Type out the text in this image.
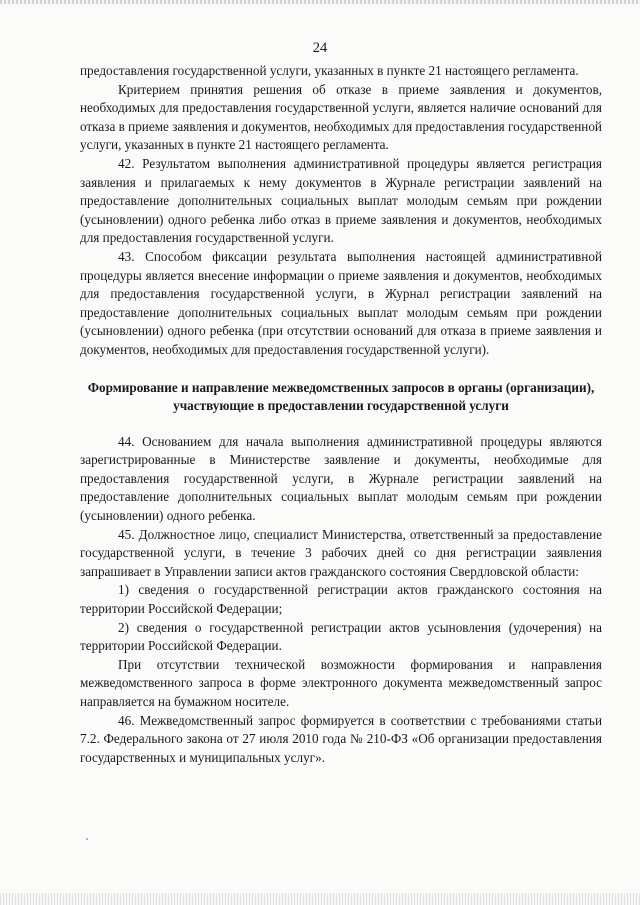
24

предоставления государственной услуги, указанных в пункте 21 настоящего регламента.

Критерием принятия решения об отказе в приеме заявления и документов, необходимых для предоставления государственной услуги, является наличие оснований для отказа в приеме заявления и документов, необходимых для предоставления государственной услуги, указанных в пункте 21 настоящего регламента.

42. Результатом выполнения административной процедуры является регистрация заявления и прилагаемых к нему документов в Журнале регистрации заявлений на предоставление дополнительных социальных выплат молодым семьям при рождении (усыновлении) одного ребенка либо отказ в приеме заявления и документов, необходимых для предоставления государственной услуги.

43. Способом фиксации результата выполнения настоящей административной процедуры является внесение информации о приеме заявления и документов, необходимых для предоставления государственной услуги, в Журнал регистрации заявлений на предоставление дополнительных социальных выплат молодым семьям при рождении (усыновлении) одного ребенка (при отсутствии оснований для отказа в приеме заявления и документов, необходимых для предоставления государственной услуги).

Формирование и направление межведомственных запросов в органы (организации), участвующие в предоставлении государственной услуги

44. Основанием для начала выполнения административной процедуры являются зарегистрированные в Министерстве заявление и документы, необходимые для предоставления государственной услуги, в Журнале регистрации заявлений на предоставление дополнительных социальных выплат молодым семьям при рождении (усыновлении) одного ребенка.

45. Должностное лицо, специалист Министерства, ответственный за предоставление государственной услуги, в течение 3 рабочих дней со дня регистрации заявления запрашивает в Управлении записи актов гражданского состояния Свердловской области:

1) сведения о государственной регистрации актов гражданского состояния на территории Российской Федерации;

2) сведения о государственной регистрации актов усыновления (удочерения) на территории Российской Федерации.

При отсутствии технической возможности формирования и направления межведомственного запроса в форме электронного документа межведомственный запрос направляется на бумажном носителе.

46. Межведомственный запрос формируется в соответствии с требованиями статьи 7.2. Федерального закона от 27 июля 2010 года № 210-ФЗ «Об организации предоставления государственных и муниципальных услуг».
